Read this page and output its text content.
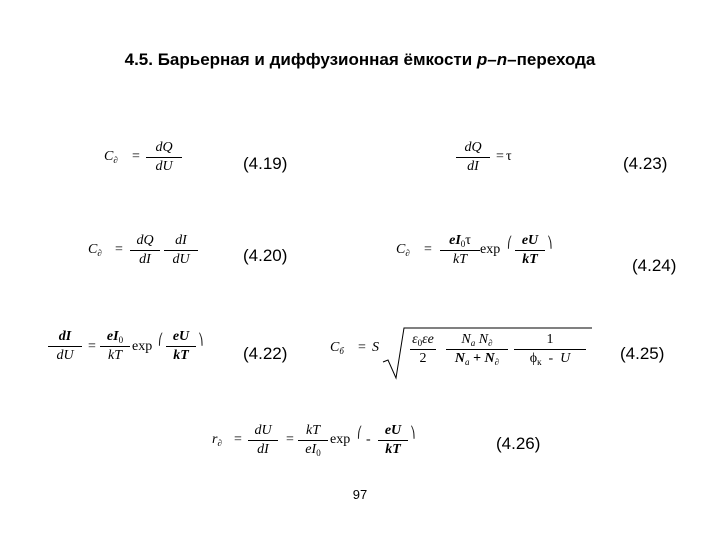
4.5. Барьерная и диффузионная ёмкости p–n–перехода
$C_\partial = \frac{dQ}{dU}$	(4.19)	$\frac{dQ}{dI} = \tau$	(4.23)
$C_\partial = \frac{dQ}{dI} \frac{dI}{dU}$	(4.20)	$C_\partial = \frac{eI_0\tau}{kT}$ exp ⎛ $\frac{eU}{kT}$ ⎞
(4.24)
$\frac{dI}{dU} = \frac{eI_0}{kT}$ exp ⎛ $\frac{eU}{kT}$ ⎞
(4.22)	$C_б = S \frac{\varepsilon_0\varepsilon e}{2} \frac{N_a N_\partial}{N_a + N_\partial}$	1
$\phi_к$ - U	(4.25)
$r_\partial = \frac{dU}{dI} = \frac{kT}{eI_0}$ exp ⎛ - $\frac{eU}{kT}$ ⎞
(4.26)
97
